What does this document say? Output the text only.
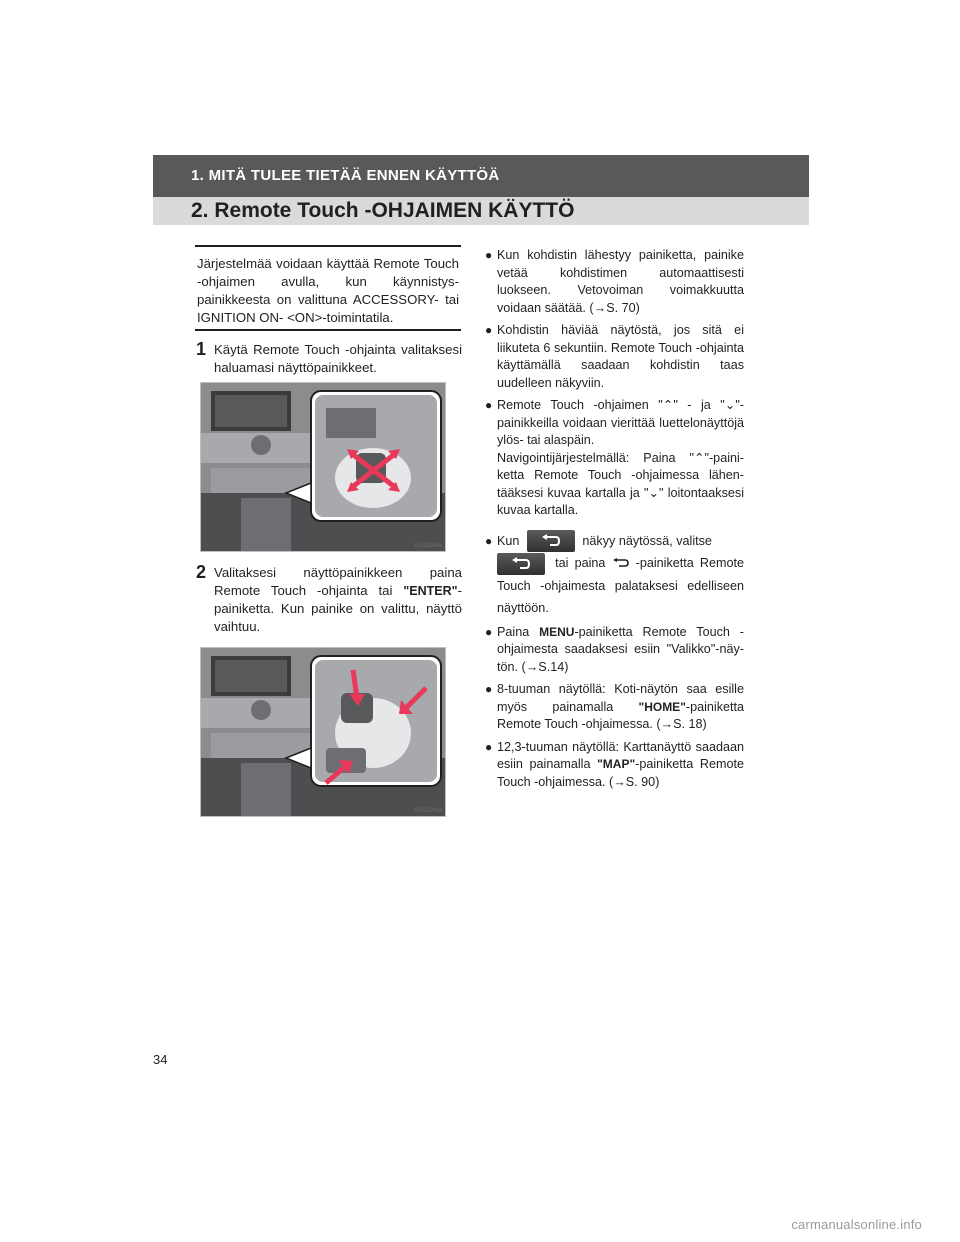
1. MITÄ TULEE TIETÄÄ ENNEN KÄYTTÖÄ
2. Remote Touch -OHJAIMEN KÄYTTÖ
Järjestelmää voidaan käyttää Remote Touch -ohjaimen avulla, kun käynnistyspainikkeesta on valittuna ACCESSORY- tai IGNITION ON- <ON>-toimintatila.
1 Käytä Remote Touch -ohjainta valitaksesi haluamasi näyttöpainikkeet.
GS331lNa
2 Valitaksesi näyttöpainikkeen paina Remote Touch -ohjainta tai "ENTER"-painiketta. Kun painike on valittu, näyttö vaihtuu.
GS332lNa
● Kun kohdistin lähestyy painiketta, painike vetää kohdistimen automaattisesti luokseen. Vetovoiman voimakkuutta voidaan säätää. (→S. 70)
● Kohdistin häviää näytöstä, jos sitä ei liikuteta 6 sekuntiin. Remote Touch -ohjainta käyttämällä saadaan kohdistin taas uudelleen näkyviin.
● Remote Touch -ohjaimen "⌃" - ja "⌄"-painikkeilla voidaan vierittää luettelonäyttöjä ylös- tai alaspäin.
Navigointijärjestelmällä: Paina "⌃"-painiketta Remote Touch -ohjaimessa lähentääksesi kuvaa kartalla ja "⌄" loitontaaksesi kuvaa kartalla.
● Kun	näkyy näytössä, valitse

tai paina -painiketta Remote Touch -ohjaimesta palataksesi edelliseen näyttöön.
● Paina MENU-painiketta Remote Touch -ohjaimesta saadaksesi esiin "Valikko"-näytön. (→S.14)
● 8-tuuman näytöllä: Koti-näytön saa esille myös painamalla "HOME"-painiketta Remote Touch -ohjaimessa. (→S. 18)
● 12,3-tuuman näytöllä: Karttanäyttö saadaan esiin painamalla "MAP"-painiketta Remote Touch -ohjaimessa. (→S. 90)
34
carmanualsonline.info
